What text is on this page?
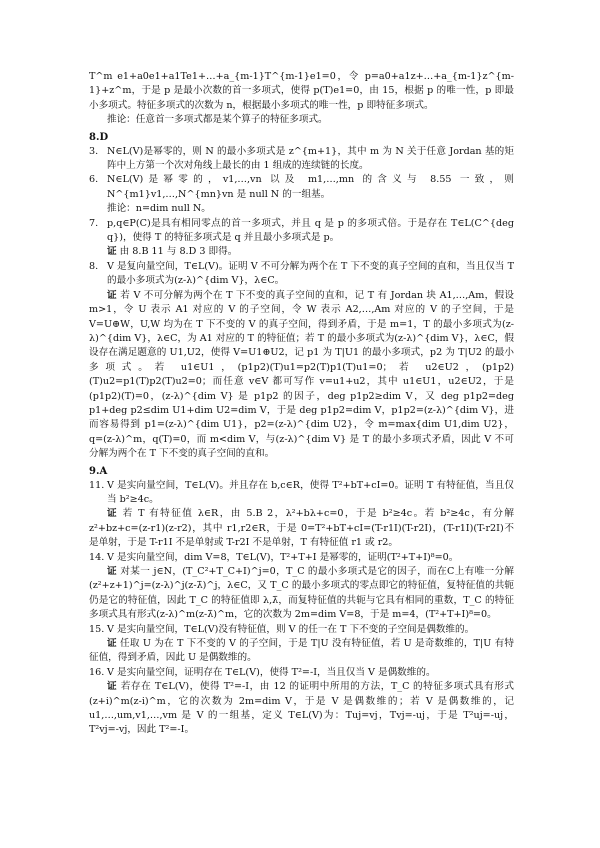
T^m e1+a0e1+a1Te1+…+a_{m-1}T^{m-1}e1=0，令 p=a0+a1z+…+a_{m-1}z^{m-1}+z^m，于是 p 是最小次数的首一多项式，使得 p(T)e1=0，由 15，根据 p 的唯一性，p 即最小多项式。特征多项式的次数为 n，根据最小多项式的唯一性，p 即特征多项式。

推论：任意首一多项式都是某个算子的特征多项式。

8.D
3. N∈L(V)是幂零的，则 N 的最小多项式是 z^{m+1}，其中 m 为 N 关于任意 Jordan 基的矩阵中上方第一个次对角线上最长的由 1 组成的连续链的长度。
6. N∈L(V)是幂零的，v1,…,vn 以及 m1,…,mn 的含义与 8.55 一致，则 N^{m1}v1,…,N^{mn}vn 是 null N 的一组基。

推论：n=dim null N。

7. p,q∈P(C)是具有相同零点的首一多项式，并且 q 是 p 的多项式倍。于是存在 T∈L(C^{deg q})，使得 T 的特征多项式是 q 并且最小多项式是 p。

证 由 8.B 11 与 8.D 3 即得。

8. V 是复向量空间，T∈L(V)。证明 V 不可分解为两个在 T 下不变的真子空间的直和，当且仅当 T 的最小多项式为(z-λ)^{dim V}，λ∈C。

证 若 V 不可分解为两个在 T 下不变的真子空间的直和，记 T 有 Jordan 块 A1,…,Am，假设 m>1，令 U 表示 A1 对应的 V 的子空间，令 W 表示 A2,…,Am 对应的 V 的子空间，于是 V=U⊕W，U,W 均为在 T 下不变的 V 的真子空间，得到矛盾，于是 m=1，T 的最小多项式为(z-λ)^{dim V}，λ∈C，为 A1 对应的 T 的特征值；若 T 的最小多项式为(z-λ)^{dim V}，λ∈C，假设存在满足题意的 U1,U2，使得 V=U1⊕U2，记 p1 为 T|U1 的最小多项式，p2 为 T|U2 的最小多项式。若 u1∈U1，(p1p2)(T)u1=p2(T)p1(T)u1=0；若 u2∈U2，(p1p2)(T)u2=p1(T)p2(T)u2=0；而任意 v∈V 都可写作 v=u1+u2，其中 u1∈U1，u2∈U2，于是(p1p2)(T)=0，(z-λ)^{dim V} 是 p1p2 的因子，deg p1p2≥dim V，又 deg p1p2=deg p1+deg p2≤dim U1+dim U2=dim V，于是 deg p1p2=dim V，p1p2=(z-λ)^{dim V}，进而容易得到 p1=(z-λ)^{dim U1}，p2=(z-λ)^{dim U2}，令 m=max{dim U1,dim U2}，q=(z-λ)^m，q(T)=0，而 m<dim V，与(z-λ)^{dim V} 是 T 的最小多项式矛盾，因此 V 不可分解为两个在 T 下不变的真子空间的直和。

9.A
11. V 是实向量空间，T∈L(V)。并且存在 b,c∈R，使得 T²+bT+cI=0。证明 T 有特征值，当且仅当 b²≥4c。

证 若 T 有特征值 λ∈R，由 5.B 2，λ²+bλ+c=0，于是 b²≥4c。若 b²≥4c，有分解 z²+bz+c=(z-r1)(z-r2)，其中 r1,r2∈R，于是 0=T²+bT+cI=(T-r1I)(T-r2I)，(T-r1I)(T-r2I)不是单射，于是 T-r1I 不是单射或 T-r2I 不是单射，T 有特征值 r1 或 r2。

14. V 是实向量空间，dim V=8，T∈L(V)，T²+T+I 是幂零的，证明(T²+T+I)⁸=0。

证 对某一 j∈N，(T_C²+T_C+I)^j=0，T_C 的最小多项式是它的因子，而在C上有唯一分解(z²+z+1)^j=(z-λ)^j(z-λ̄)^j，λ∈C，又 T_C 的最小多项式的零点即它的特征值，复特征值的共轭仍是它的特征值，因此 T_C 的特征值即 λ,λ̄，而复特征值的共轭与它具有相同的重数，T_C 的特征多项式具有形式(z-λ)^m(z-λ̄)^m，它的次数为 2m=dim V=8，于是 m=4，(T²+T+I)⁸=0。

15. V 是实向量空间，T∈L(V)没有特征值，则 V 的任一在 T 下不变的子空间是偶数维的。

证 任取 U 为在 T 下不变的 V 的子空间，于是 T|U 没有特征值，若 U 是奇数维的，T|U 有特征值，得到矛盾，因此 U 是偶数维的。

16. V 是实向量空间，证明存在 T∈L(V)，使得 T²=-I，当且仅当 V 是偶数维的。

证 若存在 T∈L(V)，使得 T²=-I，由 12 的证明中所用的方法，T_C 的特征多项式具有形式(z+i)^m(z-i)^m，它的次数为 2m=dim V，于是 V 是偶数维的；若 V 是偶数维的，记 u1,…,um,v1,…,vm 是 V 的一组基，定义 T∈L(V)为：Tuj=vj，Tvj=-uj，于是 T²uj=-uj，T²vj=-vj，因此 T²=-I。
